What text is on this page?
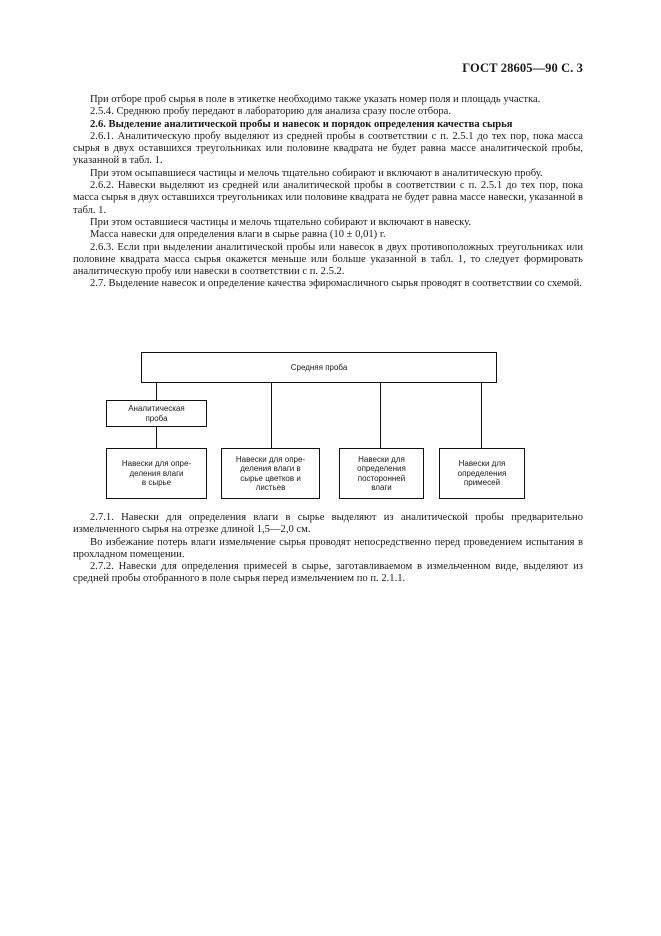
ГОСТ 28605—90 С. 3

При отборе проб сырья в поле в этикетке необходимо также указать номер поля и площадь участка.

2.5.4. Среднюю пробу передают в лабораторию для анализа сразу после отбора.

2.6. Выделение аналитической пробы и навесок и порядок определения качества сырья

2.6.1. Аналитическую пробу выделяют из средней пробы в соответствии с п. 2.5.1 до тех пор, пока масса сырья в двух оставшихся треугольниках или половине квадрата не будет равна массе аналитической пробы, указанной в табл. 1.

При этом осыпавшиеся частицы и мелочь тщательно собирают и включают в аналитическую пробу.

2.6.2. Навески выделяют из средней или аналитической пробы в соответствии с п. 2.5.1 до тех пор, пока масса сырья в двух оставшихся треугольниках или половине квадрата не будет равна массе навески, указанной в табл. 1.

При этом оставшиеся частицы и мелочь тщательно собирают и включают в навеску.

Масса навески для определения влаги в сырье равна (10 ± 0,01) г.

2.6.3. Если при выделении аналитической пробы или навесок в двух противоположных треугольниках или половине квадрата масса сырья окажется меньше или больше указанной в табл. 1, то следует формировать аналитическую пробу или навески в соответствии с п. 2.5.2.

2.7. Выделение навесок и определение качества эфиромасличного сырья проводят в соответствии со схемой.

Средняя проба
Аналитическая
проба
Навески для опре-
деления влаги
в сырье
Навески для опре-
деления влаги в
сырье цветков и
листьев
Навески для
определения
посторонней
влаги
Навески для
определения
примесей

2.7.1. Навески для определения влаги в сырье выделяют из аналитической пробы предварительно измельченного сырья на отрезке длиной 1,5—2,0 см.

Во избежание потерь влаги измельчение сырья проводят непосредственно перед проведением испытания в прохладном помещении.

2.7.2. Навески для определения примесей в сырье, заготавливаемом в измельченном виде, выделяют из средней пробы отобранного в поле сырья перед измельчением по п. 2.1.1.
